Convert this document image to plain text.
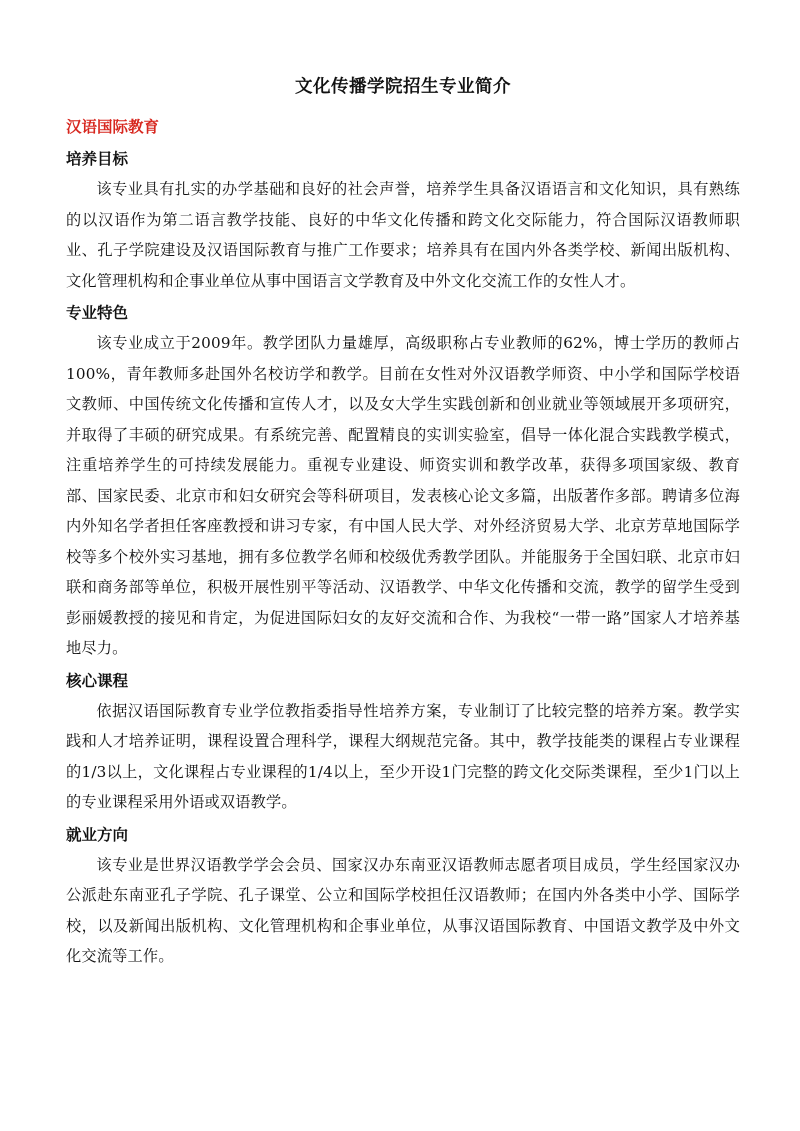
文化传播学院招生专业简介
汉语国际教育
培养目标

该专业具有扎实的办学基础和良好的社会声誉，培养学生具备汉语语言和文化知识，具有熟练的以汉语作为第二语言教学技能、良好的中华文化传播和跨文化交际能力，符合国际汉语教师职业、孔子学院建设及汉语国际教育与推广工作要求；培养具有在国内外各类学校、新闻出版机构、文化管理机构和企事业单位从事中国语言文学教育及中外文化交流工作的女性人才。

专业特色

该专业成立于2009年。教学团队力量雄厚，高级职称占专业教师的62%，博士学历的教师占100%，青年教师多赴国外名校访学和教学。目前在女性对外汉语教学师资、中小学和国际学校语文教师、中国传统文化传播和宣传人才，以及女大学生实践创新和创业就业等领域展开多项研究，并取得了丰硕的研究成果。有系统完善、配置精良的实训实验室，倡导一体化混合实践教学模式，注重培养学生的可持续发展能力。重视专业建设、师资实训和教学改革，获得多项国家级、教育部、国家民委、北京市和妇女研究会等科研项目，发表核心论文多篇，出版著作多部。聘请多位海内外知名学者担任客座教授和讲习专家，有中国人民大学、对外经济贸易大学、北京芳草地国际学校等多个校外实习基地，拥有多位教学名师和校级优秀教学团队。并能服务于全国妇联、北京市妇联和商务部等单位，积极开展性别平等活动、汉语教学、中华文化传播和交流，教学的留学生受到彭丽媛教授的接见和肯定，为促进国际妇女的友好交流和合作、为我校“一带一路”国家人才培养基地尽力。

核心课程

依据汉语国际教育专业学位教指委指导性培养方案，专业制订了比较完整的培养方案。教学实践和人才培养证明，课程设置合理科学，课程大纲规范完备。其中，教学技能类的课程占专业课程的1/3以上，文化课程占专业课程的1/4以上，至少开设1门完整的跨文化交际类课程，至少1门以上的专业课程采用外语或双语教学。

就业方向

该专业是世界汉语教学学会会员、国家汉办东南亚汉语教师志愿者项目成员，学生经国家汉办公派赴东南亚孔子学院、孔子课堂、公立和国际学校担任汉语教师；在国内外各类中小学、国际学校，以及新闻出版机构、文化管理机构和企事业单位，从事汉语国际教育、中国语文教学及中外文化交流等工作。
